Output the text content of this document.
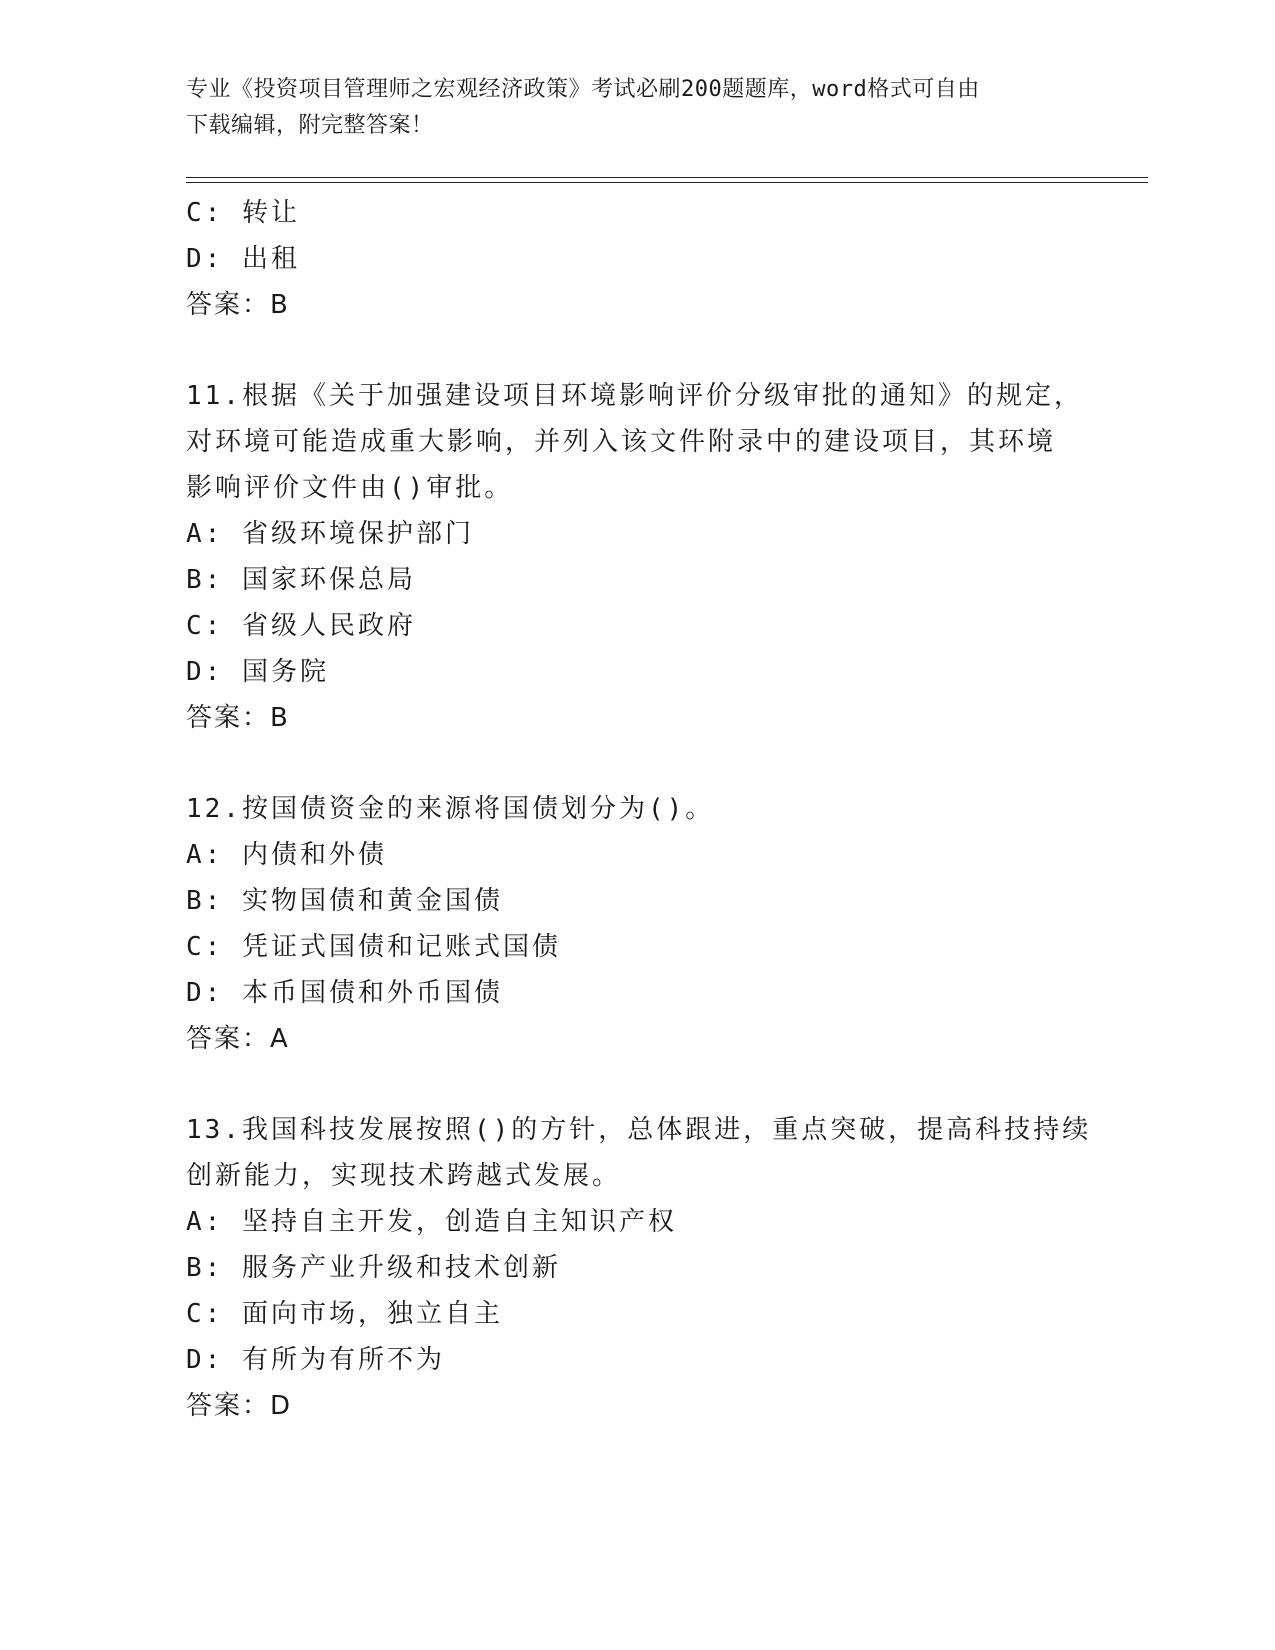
专业《投资项目管理师之宏观经济政策》考试必刷200题题库，word格式可自由
下载编辑，附完整答案！
C: 转让
D: 出租
答案：B
11.根据《关于加强建设项目环境影响评价分级审批的通知》的规定，
对环境可能造成重大影响，并列入该文件附录中的建设项目，其环境
影响评价文件由()审批。
A: 省级环境保护部门
B: 国家环保总局
C: 省级人民政府
D: 国务院
答案：B
12.按国债资金的来源将国债划分为()。
A: 内债和外债
B: 实物国债和黄金国债
C: 凭证式国债和记账式国债
D: 本币国债和外币国债
答案：A
13.我国科技发展按照()的方针，总体跟进，重点突破，提高科技持续
创新能力，实现技术跨越式发展。
A: 坚持自主开发，创造自主知识产权
B: 服务产业升级和技术创新
C: 面向市场，独立自主
D: 有所为有所不为
答案：D
